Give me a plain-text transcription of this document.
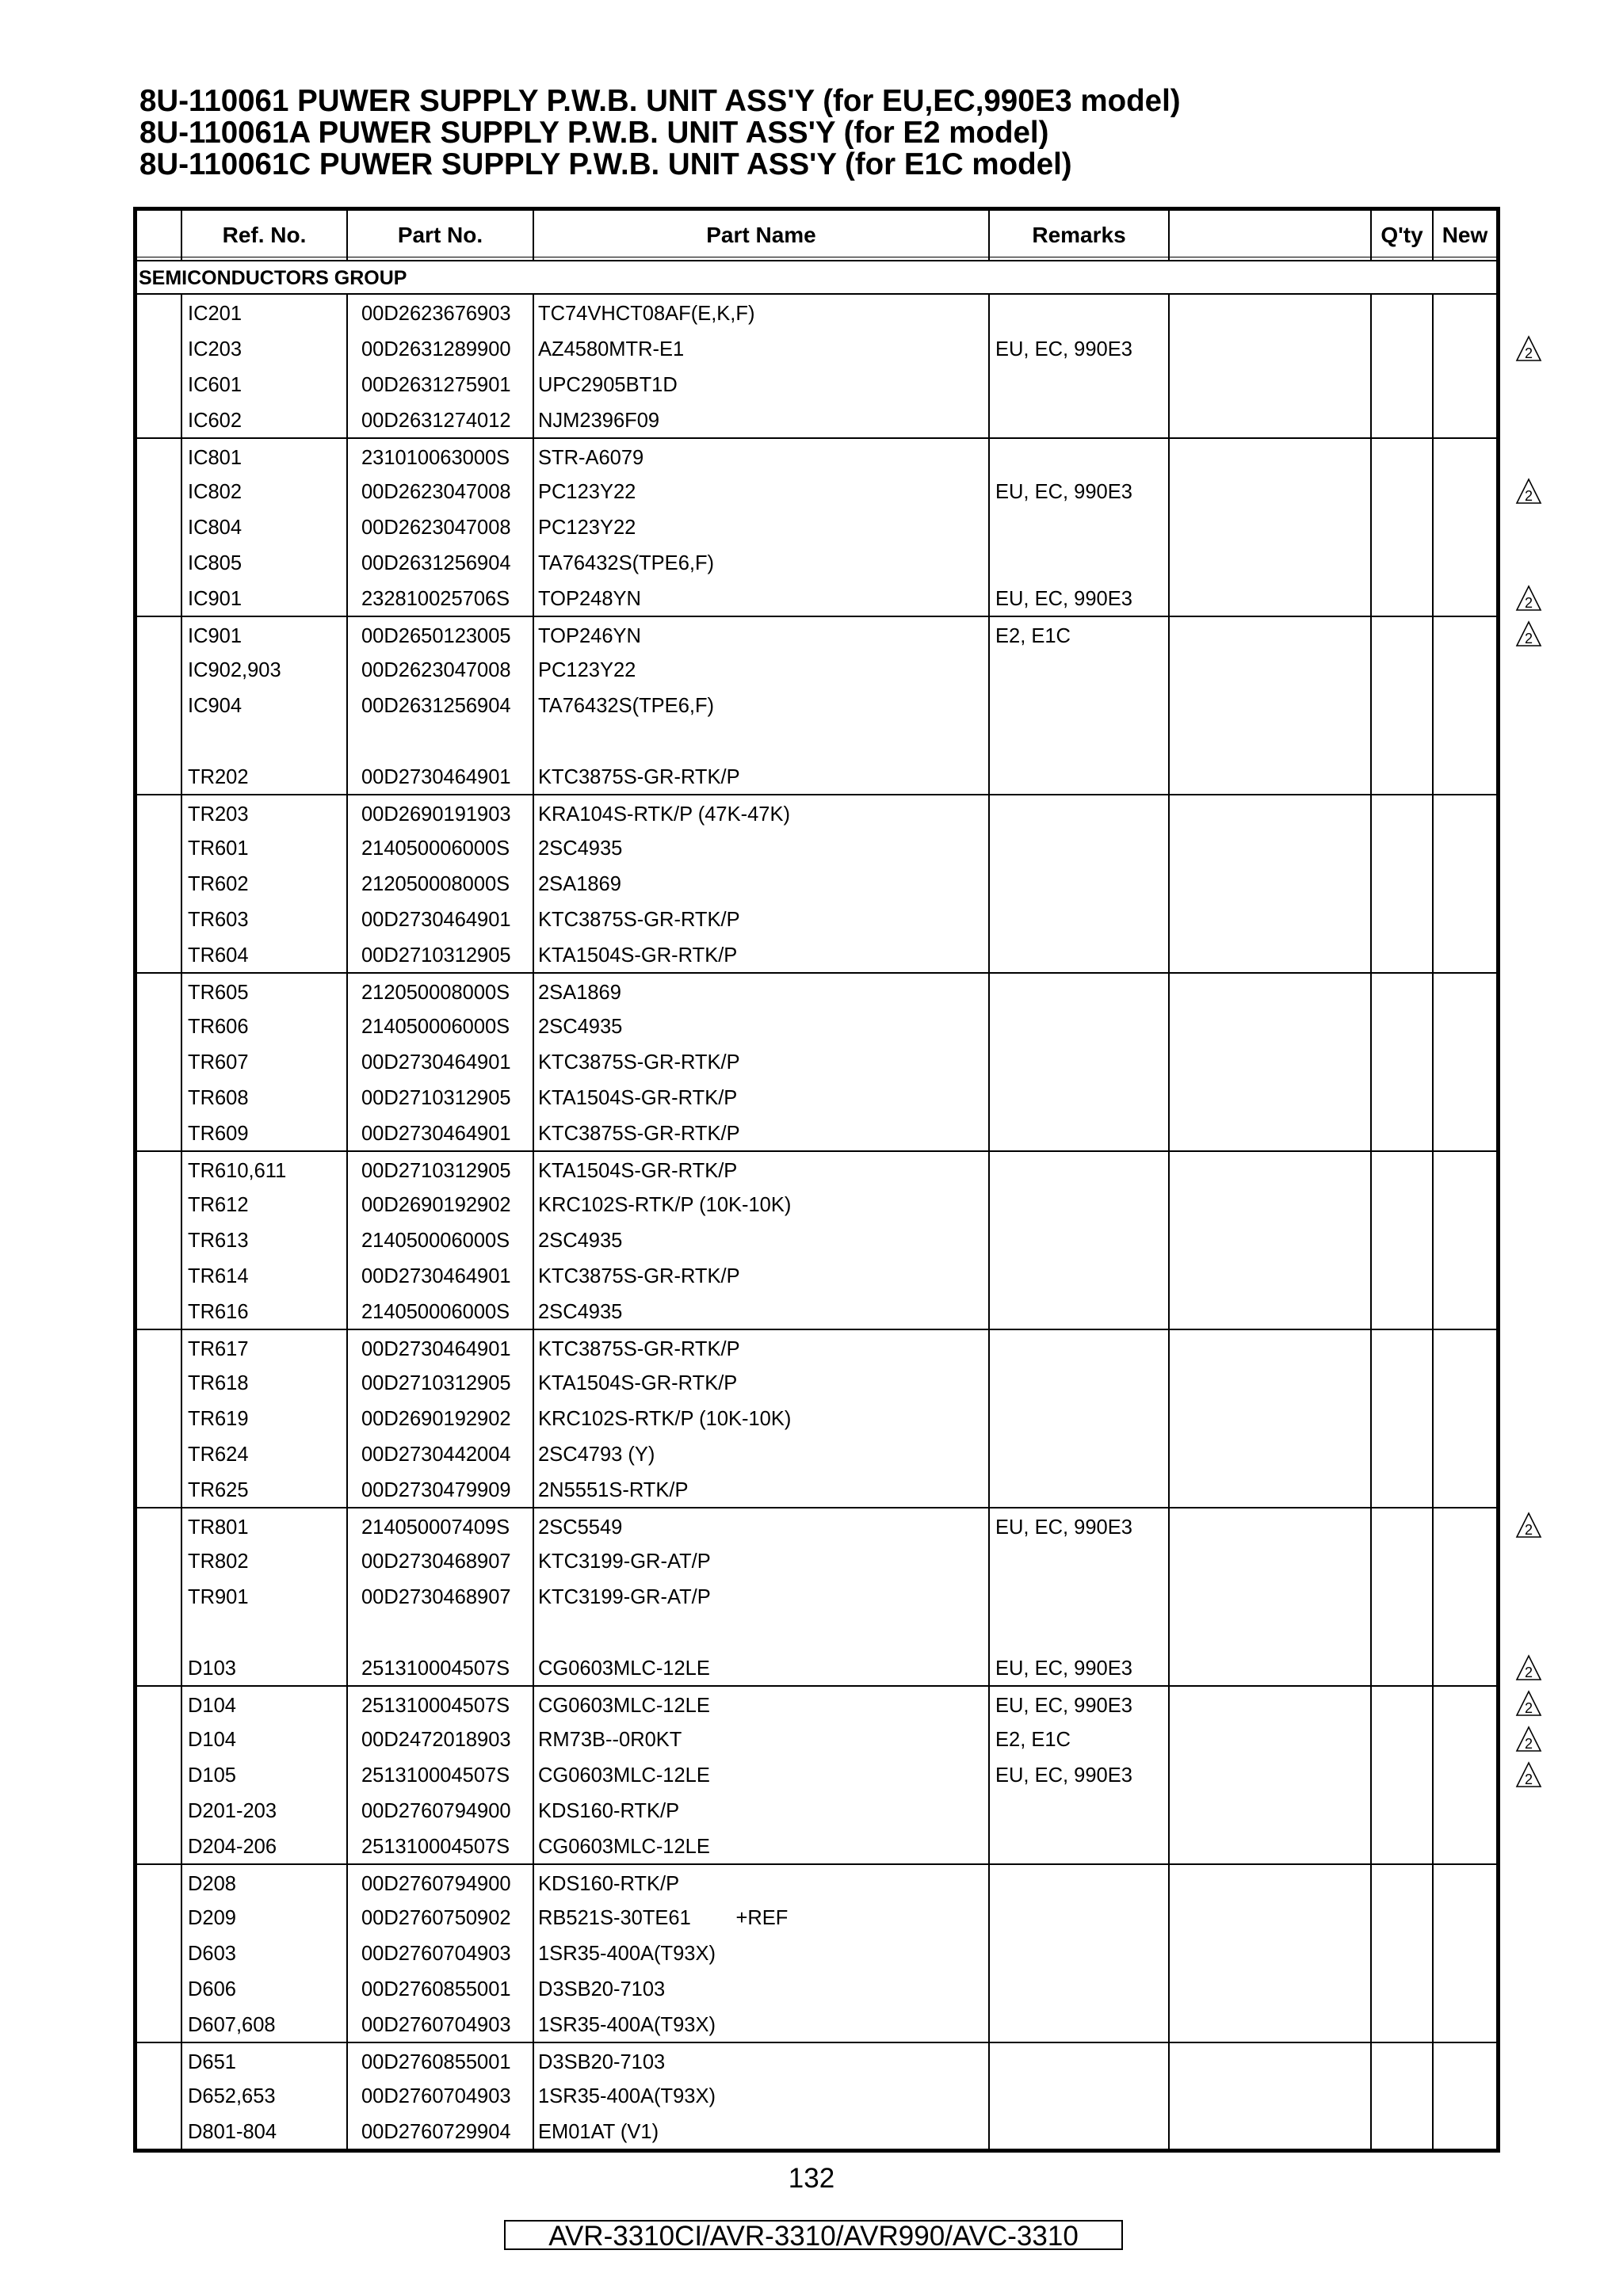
8U-110061 PUWER SUPPLY P.W.B. UNIT ASS'Y (for EU,EC,990E3 model)
8U-110061A PUWER SUPPLY P.W.B. UNIT ASS'Y (for E2 model)
8U-110061C PUWER SUPPLY P.W.B. UNIT ASS'Y (for E1C model)
Ref. No.	Part No.	Part Name	Remarks	Q'ty New
SEMICONDUCTORS GROUP
IC201	00D2623676903 TC74VHCT08AF(E,K,F)
IC203	00D2631289900 AZ4580MTR-E1	EU, EC, 990E3
IC601	00D2631275901 UPC2905BT1D
IC602	00D2631274012 NJM2396F09
IC801	231010063000S STR-A6079
IC802	00D2623047008 PC123Y22	EU, EC, 990E3
IC804	00D2623047008 PC123Y22
IC805	00D2631256904 TA76432S(TPE6,F)
IC901	232810025706S TOP248YN	EU, EC, 990E3
IC901	00D2650123005 TOP246YN	E2, E1C
IC902,903	00D2623047008 PC123Y22
IC904	00D2631256904 TA76432S(TPE6,F)
TR202	00D2730464901 KTC3875S-GR-RTK/P
TR203	00D2690191903 KRA104S-RTK/P (47K-47K)
TR601	214050006000S 2SC4935
TR602	212050008000S 2SA1869
TR603	00D2730464901 KTC3875S-GR-RTK/P
TR604	00D2710312905 KTA1504S-GR-RTK/P
TR605	212050008000S 2SA1869
TR606	214050006000S 2SC4935
TR607	00D2730464901 KTC3875S-GR-RTK/P
TR608	00D2710312905 KTA1504S-GR-RTK/P
TR609	00D2730464901 KTC3875S-GR-RTK/P
TR610,611	00D2710312905 KTA1504S-GR-RTK/P
TR612	00D2690192902 KRC102S-RTK/P (10K-10K)
TR613	214050006000S 2SC4935
TR614	00D2730464901 KTC3875S-GR-RTK/P
TR616	214050006000S 2SC4935
TR617	00D2730464901 KTC3875S-GR-RTK/P
TR618	00D2710312905 KTA1504S-GR-RTK/P
TR619	00D2690192902 KRC102S-RTK/P (10K-10K)
TR624	00D2730442004 2SC4793 (Y)
TR625	00D2730479909 2N5551S-RTK/P
TR801	214050007409S 2SC5549	EU, EC, 990E3
TR802	00D2730468907 KTC3199-GR-AT/P
TR901	00D2730468907 KTC3199-GR-AT/P
D103	251310004507S CG0603MLC-12LE	EU, EC, 990E3
D104	251310004507S CG0603MLC-12LE	EU, EC, 990E3
D104	00D2472018903 RM73B--0R0KT	E2, E1C
D105	251310004507S CG0603MLC-12LE	EU, EC, 990E3
D201-203	00D2760794900 KDS160-RTK/P
D204-206	251310004507S CG0603MLC-12LE
D208	00D2760794900 KDS160-RTK/P
D209	00D2760750902 RB521S-30TE61        +REF
D603	00D2760704903 1SR35-400A(T93X)
D606	00D2760855001 D3SB20-7103
D607,608	00D2760704903 1SR35-400A(T93X)
D651	00D2760855001 D3SB20-7103
D652,653	00D2760704903 1SR35-400A(T93X)
D801-804	00D2760729904 EM01AT (V1)
2
2
2
2
2
2
2
2
2
132
AVR-3310CI/AVR-3310/AVR990/AVC-3310
